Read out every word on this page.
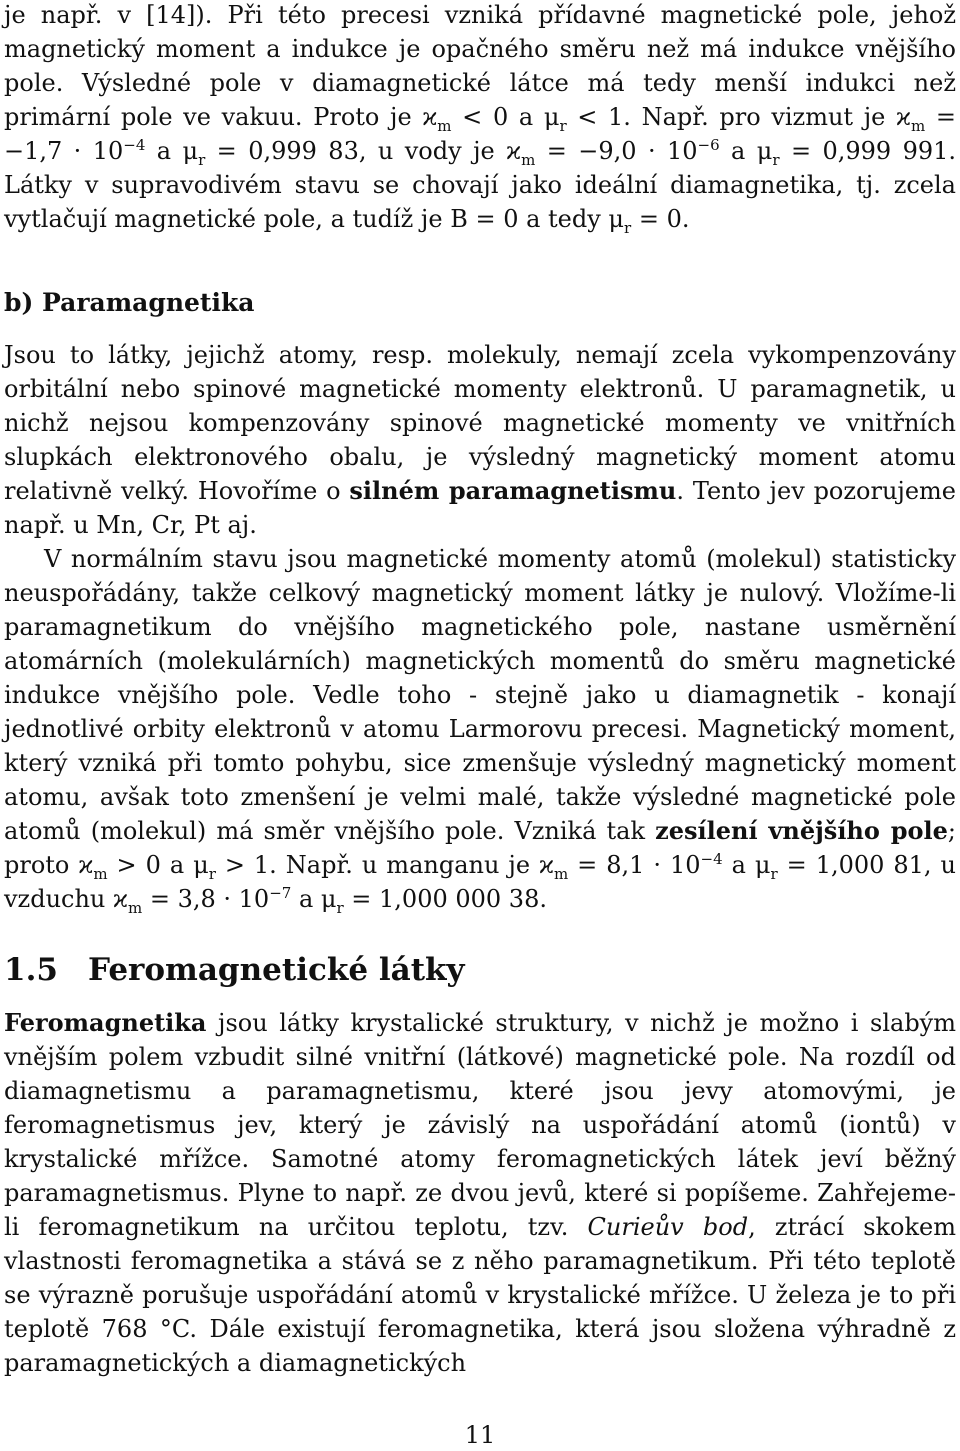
je např. v [14]). Při této precesi vzniká přídavné magnetické pole, jehož magnetický moment a indukce je opačného směru než má indukce vnějšího pole. Výsledné pole v diamagnetické látce má tedy menší indukci než primární pole ve vakuu. Proto je $ϰ_m < 0$ a $\mu_r < 1$. Např. pro vizmut je $ϰ_m = -1,7 \cdot 10^{-4}$ a $\mu_r = 0,999$ 83, u vody je $ϰ_m = -9,0 \cdot 10^{-6}$ a $\mu_r = 0,999$ 991. Látky v supravodivém stavu se chovají jako ideální diamagnetika, tj. zcela vytlačují magnetické pole, a tudíž je B = 0 a tedy $\mu_r = 0$.

b) Paramagnetika

Jsou to látky, jejichž atomy, resp. molekuly, nemají zcela vykompenzovány orbitální nebo spinové magnetické momenty elektronů. U paramagnetik, u nichž nejsou kompenzovány spinové magnetické momenty ve vnitřních slupkách elektronového obalu, je výsledný magnetický moment atomu relativně velký. Hovoříme o silném paramagnetismu. Tento jev pozorujeme např. u Mn, Cr, Pt aj.

V normálním stavu jsou magnetické momenty atomů (molekul) statisticky neuspořádány, takže celkový magnetický moment látky je nulový. Vložíme-li paramagnetikum do vnějšího magnetického pole, nastane usměrnění atomárních (molekulárních) magnetických momentů do směru magnetické indukce vnějšího pole. Vedle toho - stejně jako u diamagnetik - konají jednotlivé orbity elektronů v atomu Larmorovu precesi. Magnetický moment, který vzniká při tomto pohybu, sice zmenšuje výsledný magnetický moment atomu, avšak toto zmenšení je velmi malé, takže výsledné magnetické pole atomů (molekul) má směr vnějšího pole. Vzniká tak zesílení vnějšího pole; proto $ϰ_m > 0$ a $\mu_r > 1$. Např. u manganu je $ϰ_m = 8,1 \cdot 10^{-4}$ a $\mu_r = 1,000$ 81, u vzduchu $ϰ_m = 3,8 \cdot 10^{-7}$ a $\mu_r = 1,000$ 000 38.

1.5 Feromagnetické látky

Feromagnetika jsou látky krystalické struktury, v nichž je možno i slabým vnějším polem vzbudit silné vnitřní (látkové) magnetické pole. Na rozdíl od diamagnetismu a paramagnetismu, které jsou jevy atomovými, je feromagnetismus jev, který je závislý na uspořádání atomů (iontů) v krystalické mřížce. Samotné atomy feromagnetických látek jeví běžný paramagnetismus. Plyne to např. ze dvou jevů, které si popíšeme. Zahřejeme-li feromagnetikum na určitou teplotu, tzv. Curieův bod, ztrácí skokem vlastnosti feromagnetika a stává se z něho paramagnetikum. Při této teplotě se výrazně porušuje uspořádání atomů v krystalické mřížce. U železa je to při teplotě 768 °C. Dále existují feromagnetika, která jsou složena výhradně z paramagnetických a diamagnetických

11
